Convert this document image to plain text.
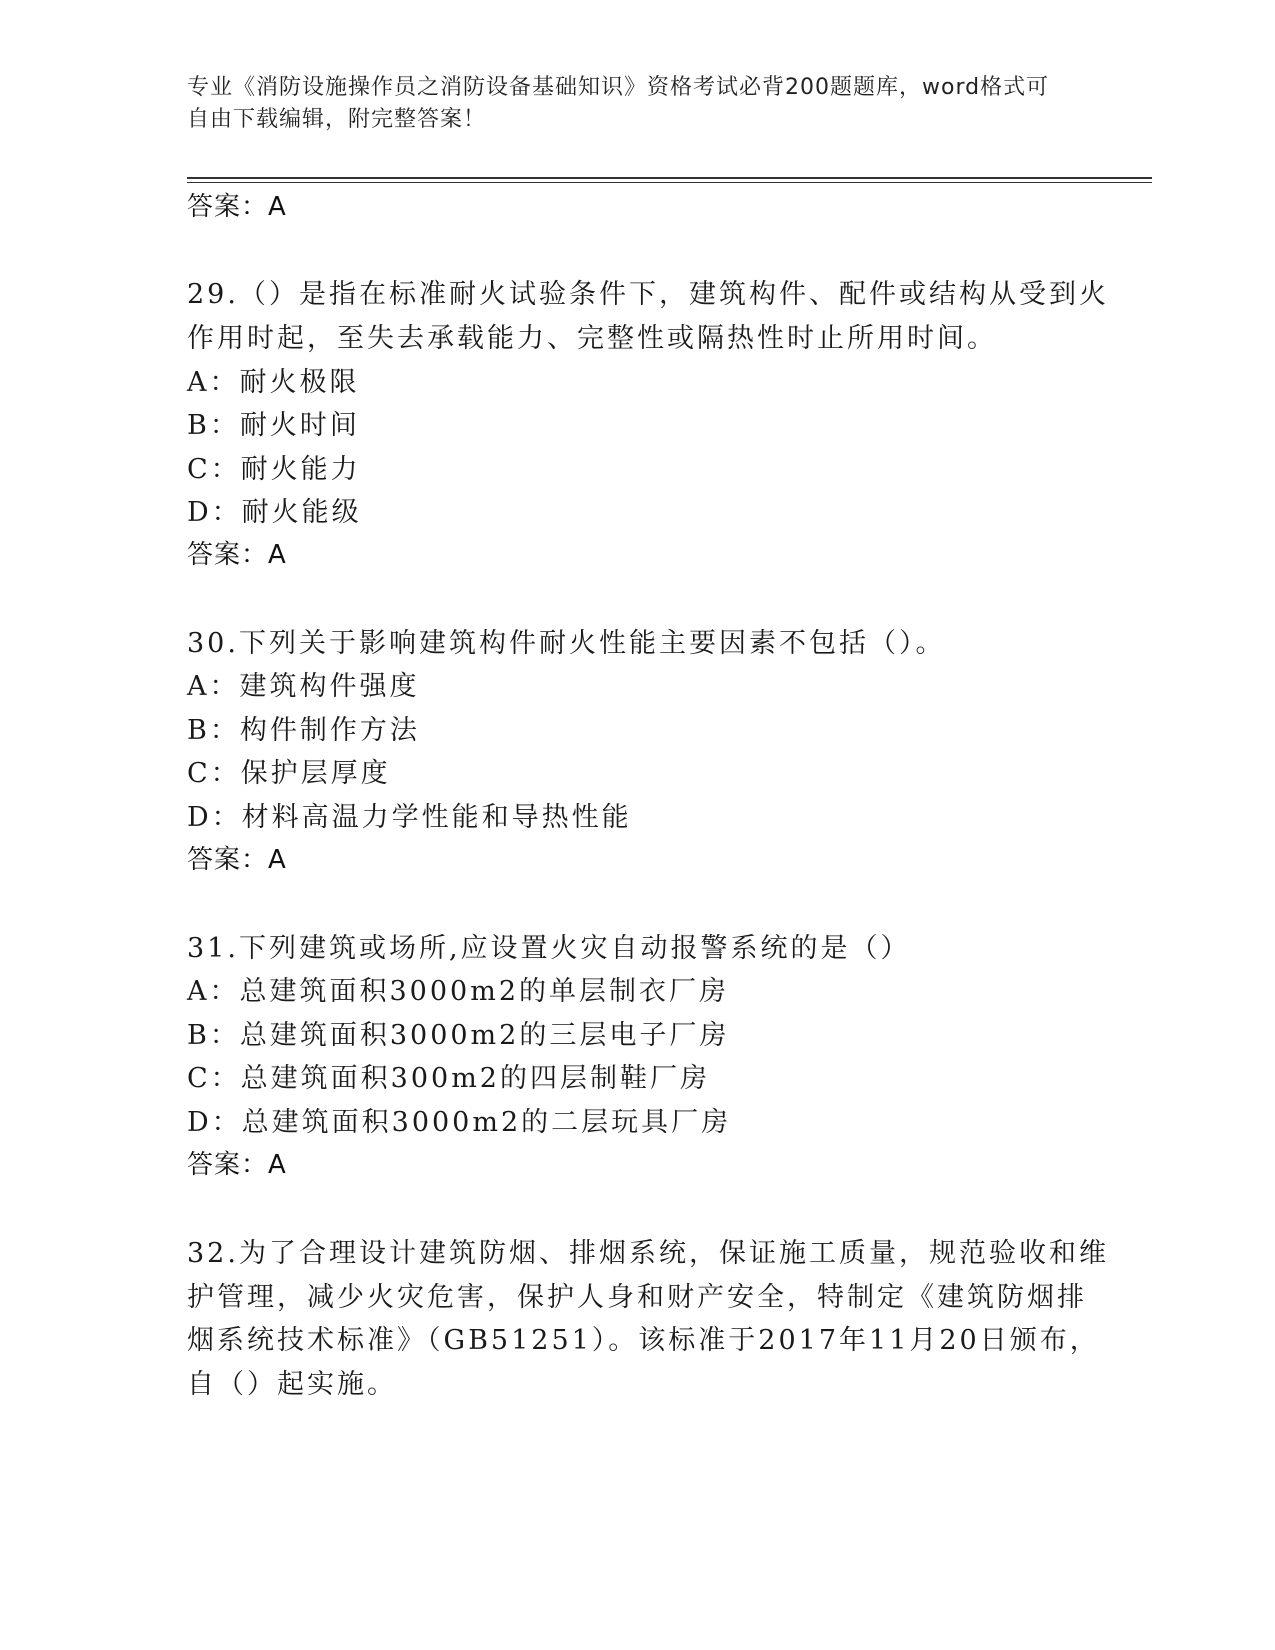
专业《消防设施操作员之消防设备基础知识》资格考试必背200题题库，word格式可自由下载编辑，附完整答案！
答案：A
29.（）是指在标准耐火试验条件下，建筑构件、配件或结构从受到火
作用时起，至失去承载能力、完整性或隔热性时止所用时间。
A：耐火极限
B：耐火时间
C：耐火能力
D：耐火能级
答案：A
30.下列关于影响建筑构件耐火性能主要因素不包括（）。
A：建筑构件强度
B：构件制作方法
C：保护层厚度
D：材料高温力学性能和导热性能
答案：A
31.下列建筑或场所,应设置火灾自动报警系统的是（）
A：总建筑面积3000m2的单层制衣厂房
B：总建筑面积3000m2的三层电子厂房
C：总建筑面积300m2的四层制鞋厂房
D：总建筑面积3000m2的二层玩具厂房
答案：A
32.为了合理设计建筑防烟、排烟系统，保证施工质量，规范验收和维
护管理，减少火灾危害，保护人身和财产安全，特制定《建筑防烟排
烟系统技术标准》（GB51251）。该标准于2017年11月20日颁布，
自（）起实施。
